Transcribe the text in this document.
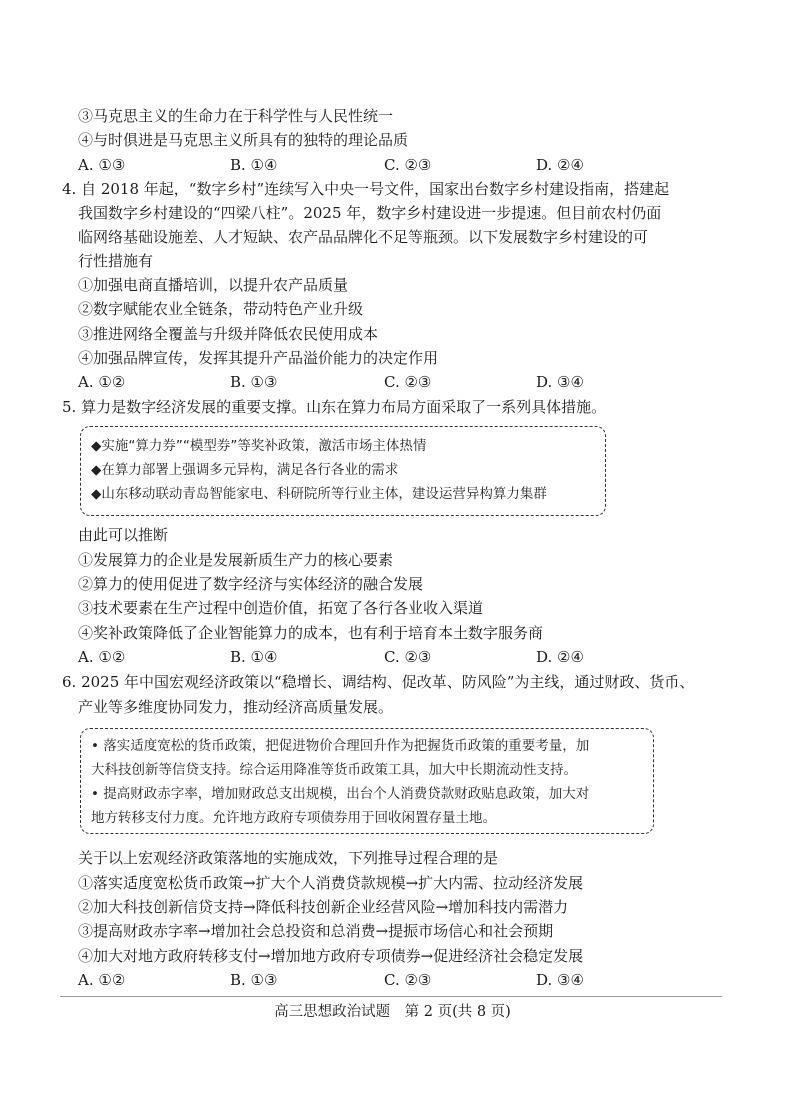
③马克思主义的生命力在于科学性与人民性统一
④与时俱进是马克思主义所具有的独特的理论品质
A. ①③	B. ①④	C. ②③	D. ②④
4. 自 2018 年起，“数字乡村”连续写入中央一号文件，国家出台数字乡村建设指南，搭建起
我国数字乡村建设的“四梁八柱”。2025 年，数字乡村建设进一步提速。但目前农村仍面
临网络基础设施差、人才短缺、农产品品牌化不足等瓶颈。以下发展数字乡村建设的可
行性措施有
①加强电商直播培训，以提升农产品质量
②数字赋能农业全链条，带动特色产业升级
③推进网络全覆盖与升级并降低农民使用成本
④加强品牌宣传，发挥其提升产品溢价能力的决定作用
A. ①②	B. ①③	C. ②③	D. ③④
5. 算力是数字经济发展的重要支撑。山东在算力布局方面采取了一系列具体措施。
◆实施“算力券”“模型券”等奖补政策，激活市场主体热情
◆在算力部署上强调多元异构，满足各行各业的需求
◆山东移动联动青岛智能家电、科研院所等行业主体，建设运营异构算力集群
由此可以推断
①发展算力的企业是发展新质生产力的核心要素
②算力的使用促进了数字经济与实体经济的融合发展
③技术要素在生产过程中创造价值，拓宽了各行各业收入渠道
④奖补政策降低了企业智能算力的成本，也有利于培育本土数字服务商
A. ①②	B. ①④	C. ②③	D. ②④
6. 2025 年中国宏观经济政策以“稳增长、调结构、促改革、防风险”为主线，通过财政、货币、
产业等多维度协同发力，推动经济高质量发展。
• 落实适度宽松的货币政策，把促进物价合理回升作为把握货币政策的重要考量，加
大科技创新等信贷支持。综合运用降准等货币政策工具，加大中长期流动性支持。
• 提高财政赤字率，增加财政总支出规模，出台个人消费贷款财政贴息政策，加大对
地方转移支付力度。允许地方政府专项债券用于回收闲置存量土地。
关于以上宏观经济政策落地的实施成效，下列推导过程合理的是
①落实适度宽松货币政策→扩大个人消费贷款规模→扩大内需、拉动经济发展
②加大科技创新信贷支持→降低科技创新企业经营风险→增加科技内需潜力
③提高财政赤字率→增加社会总投资和总消费→提振市场信心和社会预期
④加大对地方政府转移支付→增加地方政府专项债券→促进经济社会稳定发展
A. ①②	B. ①③	C. ②③	D. ③④
高三思想政治试题　第 2 页(共 8 页)
